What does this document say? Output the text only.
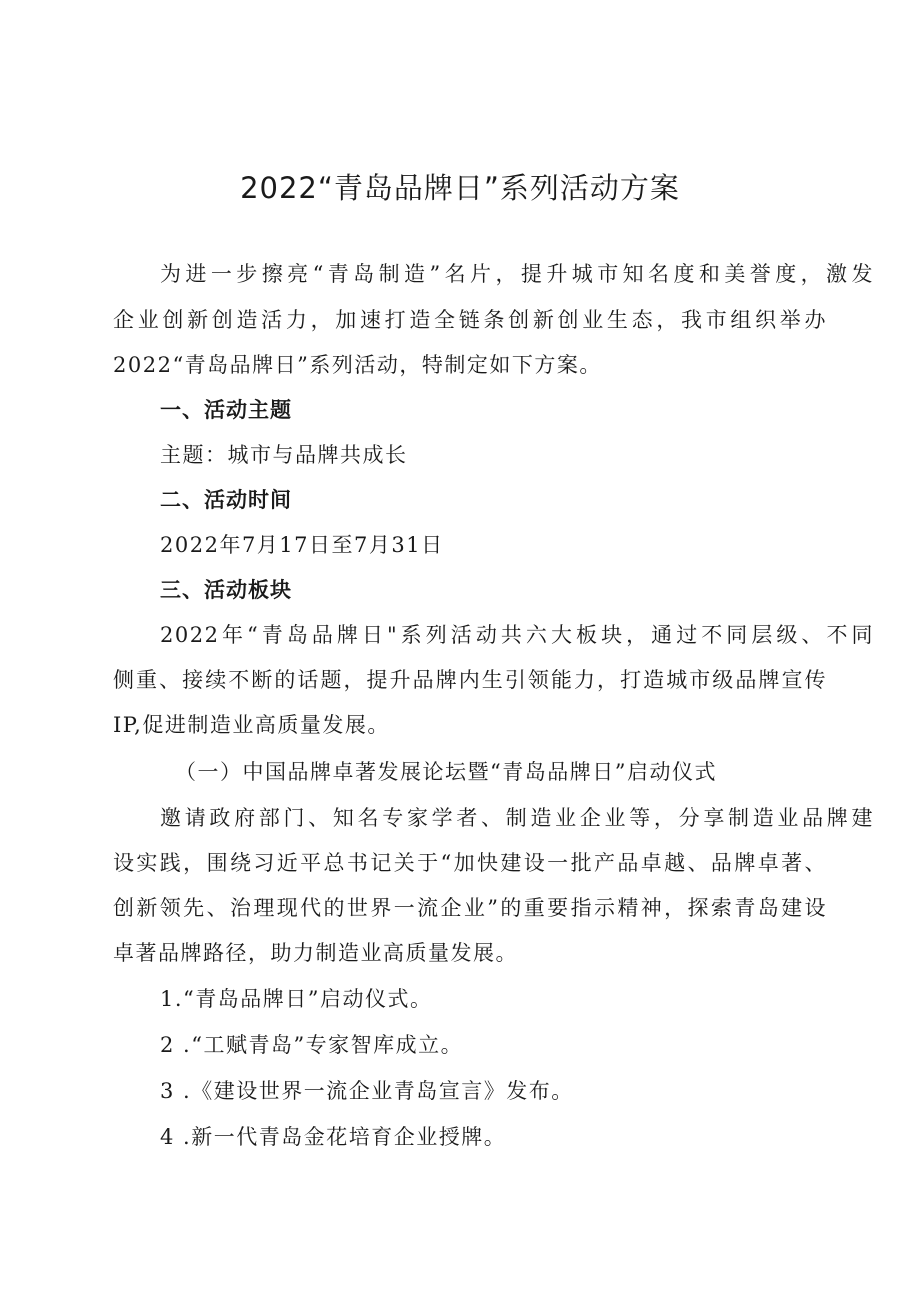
2022“青岛品牌日”系列活动方案

为进一步擦亮“青岛制造”名片，提升城市知名度和美誉度，激发

企业创新创造活力，加速打造全链条创新创业生态，我市组织举办

2022“青岛品牌日”系列活动，特制定如下方案。

一、活动主题

主题：城市与品牌共成长

二、活动时间

2022年7月17日至7月31日

三、活动板块

2022年“青岛品牌日"系列活动共六大板块，通过不同层级、不同

侧重、接续不断的话题，提升品牌内生引领能力，打造城市级品牌宣传

IP,促进制造业高质量发展。

（一）中国品牌卓著发展论坛暨“青岛品牌日”启动仪式

邀请政府部门、知名专家学者、制造业企业等，分享制造业品牌建

设实践，围绕习近平总书记关于“加快建设一批产品卓越、品牌卓著、

创新领先、治理现代的世界一流企业”的重要指示精神，探索青岛建设

卓著品牌路径，助力制造业高质量发展。

1.“青岛品牌日”启动仪式。

2 .“工赋青岛”专家智库成立。

3 .《建设世界一流企业青岛宣言》发布。

4 .新一代青岛金花培育企业授牌。
